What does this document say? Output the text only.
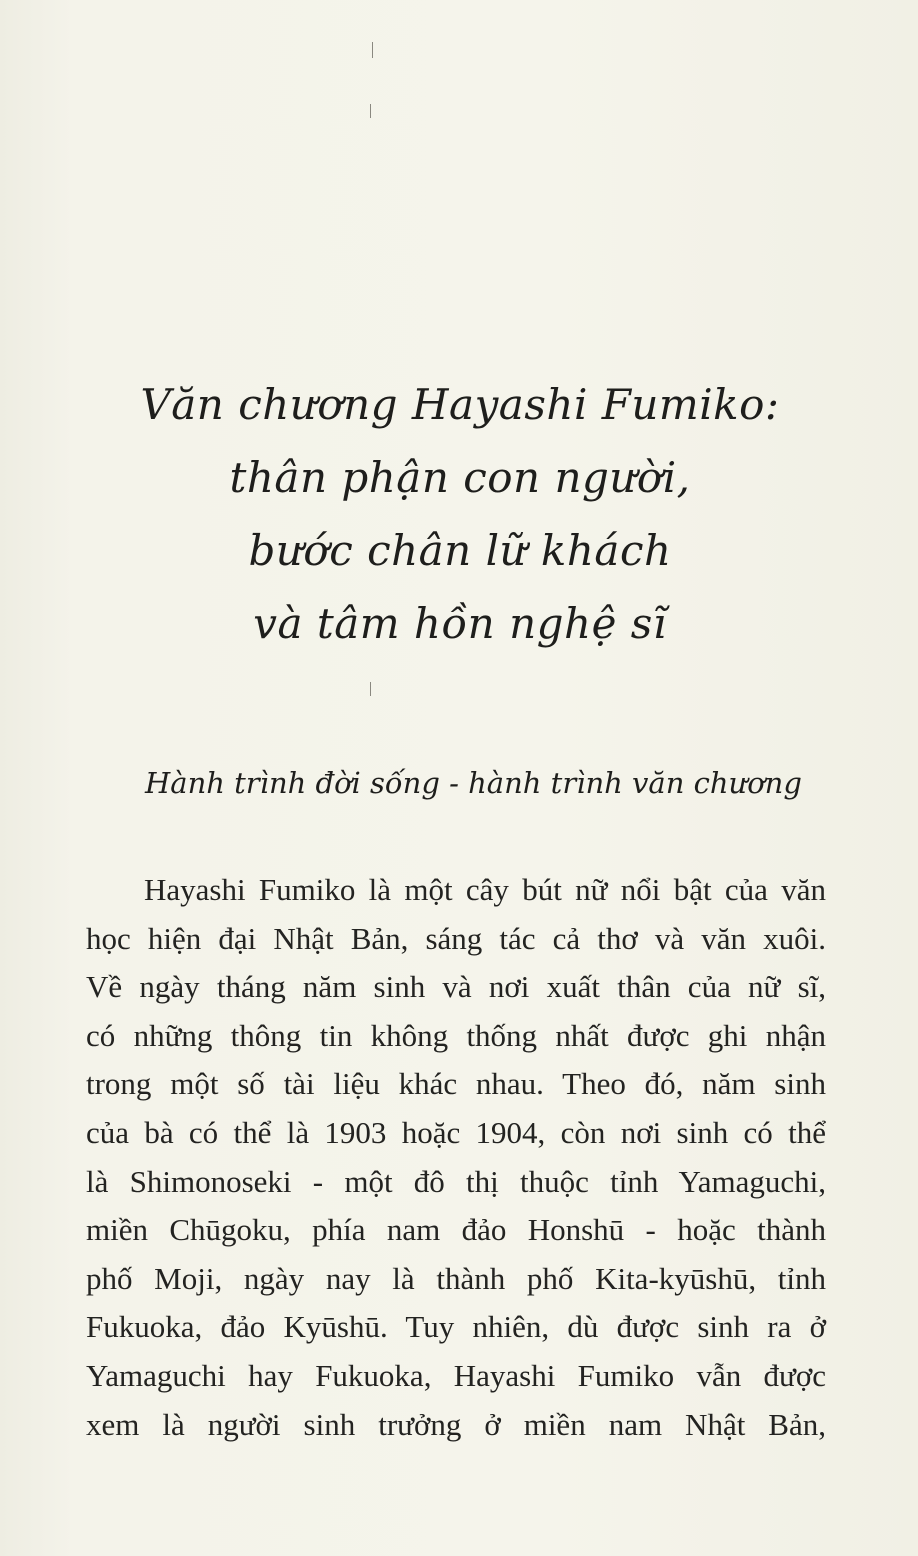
Văn chương Hayashi Fumiko:
thân phận con người,
bước chân lữ khách
và tâm hồn nghệ sĩ
Hành trình đời sống - hành trình văn chương
Hayashi Fumiko là một cây bút nữ nổi bật của văn
học hiện đại Nhật Bản, sáng tác cả thơ và văn xuôi.
Về ngày tháng năm sinh và nơi xuất thân của nữ sĩ,
có những thông tin không thống nhất được ghi nhận
trong một số tài liệu khác nhau. Theo đó, năm sinh
của bà có thể là 1903 hoặc 1904, còn nơi sinh có thể
là Shimonoseki - một đô thị thuộc tỉnh Yamaguchi,
miền Chūgoku, phía nam đảo Honshū - hoặc thành
phố Moji, ngày nay là thành phố Kita-kyūshū, tỉnh
Fukuoka, đảo Kyūshū. Tuy nhiên, dù được sinh ra ở
Yamaguchi hay Fukuoka, Hayashi Fumiko vẫn được
xem là người sinh trưởng ở miền nam Nhật Bản,
